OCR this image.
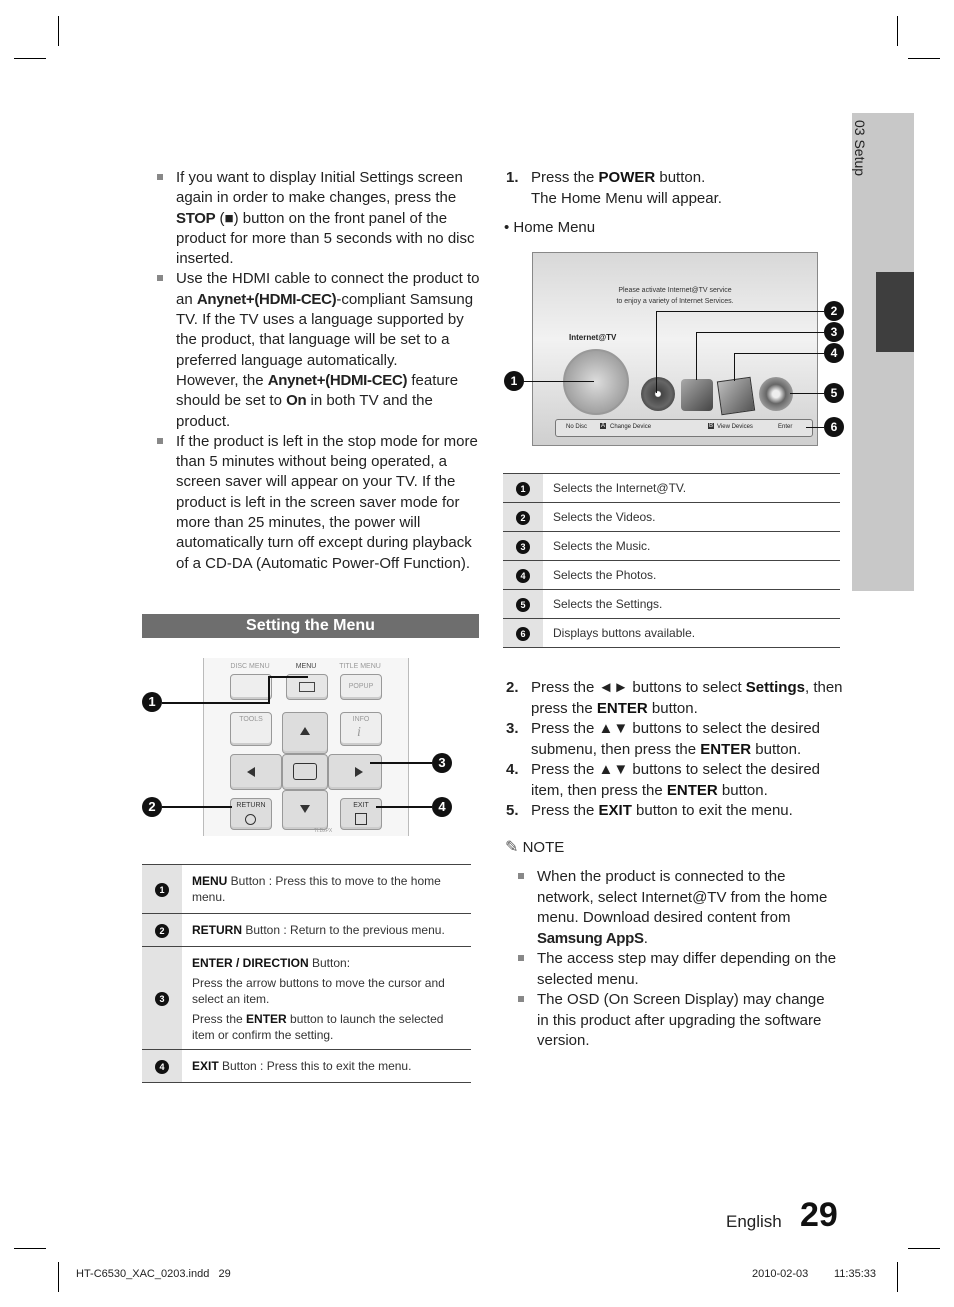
03 Setup

If you want to display Initial Settings screen again in order to make changes, press the STOP (■) button on the front panel of the product for more than 5 seconds with no disc inserted.

Use the HDMI cable to connect the product to an Anynet+(HDMI-CEC)-compliant Samsung TV. If the TV uses a language supported by the product, that language will be set to a preferred language automatically.
However, the Anynet+(HDMI-CEC) feature should be set to On in both TV and the product.

If the product is left in the stop mode for more than 5 minutes without being operated, a screen saver will appear on your TV. If the product is left in the screen saver mode for more than 25 minutes, the power will automatically turn off except during playback of a CD-DA (Automatic Power-Off Function).

Setting the Menu
DISC MENU	MENU	TITLE MENU
POPUP
TOOLS	INFO
i
RETURN	EXIT
TI.BxPX
1
2
3
4
1	MENU Button : Press this to move to the home menu.

2	RETURN Button : Return to the previous menu.

3	ENTER / DIRECTION Button:
Press the arrow buttons to move the cursor and select an item.
Press the ENTER button to launch the selected item or confirm the setting.

4	EXIT Button : Press this to exit the menu.
1. Press the POWER button.
The Home Menu will appear.
• Home Menu
Please activate Internet@TV service
to enjoy a variety of Internet Services.
Internet@TV
No Disc A Change Device	B View Devices	Enter
1
2
3
4
5
6
1	Selects the Internet@TV.
2	Selects the Videos.
3	Selects the Music.
4	Selects the Photos.
5	Selects the Settings.
6	Displays buttons available.
2. Press the ◄► buttons to select Settings, then press the ENTER button.
3. Press the ▲▼ buttons to select the desired submenu, then press the ENTER button.
4. Press the ▲▼ buttons to select the desired item, then press the ENTER button.
5. Press the EXIT button to exit the menu.
✎ NOTE

When the product is connected to the network, select Internet@TV from the home menu. Download desired content from Samsung AppS.

The access step may differ depending on the selected menu.

The OSD (On Screen Display) may change in this product after upgrading the software version.

English 29
HT-C6530_XAC_0203.indd   29	2010-02-03 11:35:33
